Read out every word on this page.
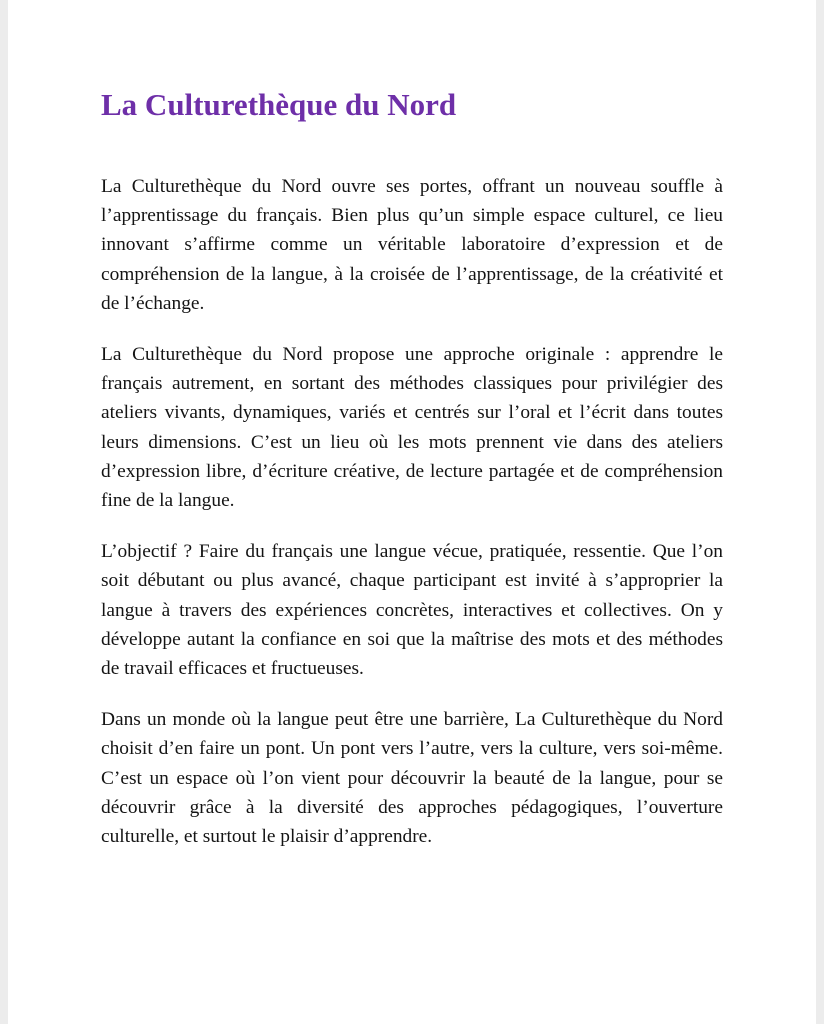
La Culturethèque du Nord

La Culturethèque du Nord ouvre ses portes, offrant un nouveau souffle à l’apprentissage du français. Bien plus qu’un simple espace culturel, ce lieu innovant s’affirme comme un véritable laboratoire d’expression et de compréhension de la langue, à la croisée de l’apprentissage, de la créativité et de l’échange.

La Culturethèque du Nord propose une approche originale : apprendre le français autrement, en sortant des méthodes classiques pour privilégier des ateliers vivants, dynamiques, variés et centrés sur l’oral et l’écrit dans toutes leurs dimensions. C’est un lieu où les mots prennent vie dans des ateliers d’expression libre, d’écriture créative, de lecture partagée et de compréhension fine de la langue.

L’objectif ? Faire du français une langue vécue, pratiquée, ressentie. Que l’on soit débutant ou plus avancé, chaque participant est invité à s’approprier la langue à travers des expériences concrètes, interactives et collectives. On y développe autant la confiance en soi que la maîtrise des mots et des méthodes de travail efficaces et fructueuses.

Dans un monde où la langue peut être une barrière, La Culturethèque du Nord choisit d’en faire un pont. Un pont vers l’autre, vers la culture, vers soi-même. C’est un espace où l’on vient pour découvrir la beauté de la langue, pour se découvrir grâce à la diversité des approches pédagogiques, l’ouverture culturelle, et surtout le plaisir d’apprendre.
